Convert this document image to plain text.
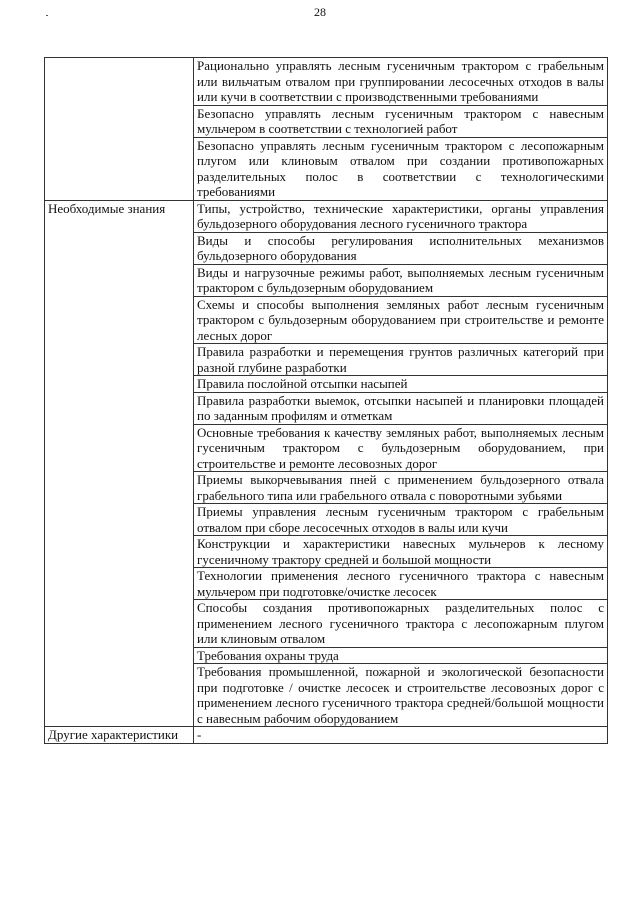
28
	Рационально управлять лесным гусеничным трактором с грабельным или вильчатым отвалом при группировании лесосечных отходов в валы или кучи в соответствии с производственными требованиями
	Безопасно управлять лесным гусеничным трактором с навесным мульчером в соответствии с технологией работ
	Безопасно управлять лесным гусеничным трактором с лесопожарным плугом или клиновым отвалом при создании противопожарных разделительных полос в соответствии с технологическими требованиями
Необходимые знания	Типы, устройство, технические характеристики, органы управления бульдозерного оборудования лесного гусеничного трактора
	Виды и способы регулирования исполнительных механизмов бульдозерного оборудования
	Виды и нагрузочные режимы работ, выполняемых лесным гусеничным трактором с бульдозерным оборудованием
	Схемы и способы выполнения земляных работ лесным гусеничным трактором с бульдозерным оборудованием при строительстве и ремонте лесных дорог
	Правила разработки и перемещения грунтов различных категорий при разной глубине разработки
	Правила послойной отсыпки насыпей
	Правила разработки выемок, отсыпки насыпей и планировки площадей по заданным профилям и отметкам
	Основные требования к качеству земляных работ, выполняемых лесным гусеничным трактором с бульдозерным оборудованием, при строительстве и ремонте лесовозных дорог
	Приемы выкорчевывания пней с применением бульдозерного отвала грабельного типа или грабельного отвала с поворотными зубьями
	Приемы управления лесным гусеничным трактором с грабельным отвалом при сборе лесосечных отходов в валы или кучи
	Конструкции и характеристики навесных мульчеров к лесному гусеничному трактору средней и большой мощности
	Технологии применения лесного гусеничного трактора с навесным мульчером при подготовке/очистке лесосек
	Способы создания противопожарных разделительных полос с применением лесного гусеничного трактора с лесопожарным плугом или клиновым отвалом
	Требования охраны труда
	Требования промышленной, пожарной и экологической безопасности при подготовке / очистке лесосек и строительстве лесовозных дорог с применением лесного гусеничного трактора средней/большой мощности с навесным рабочим оборудованием
Другие характеристики	-
